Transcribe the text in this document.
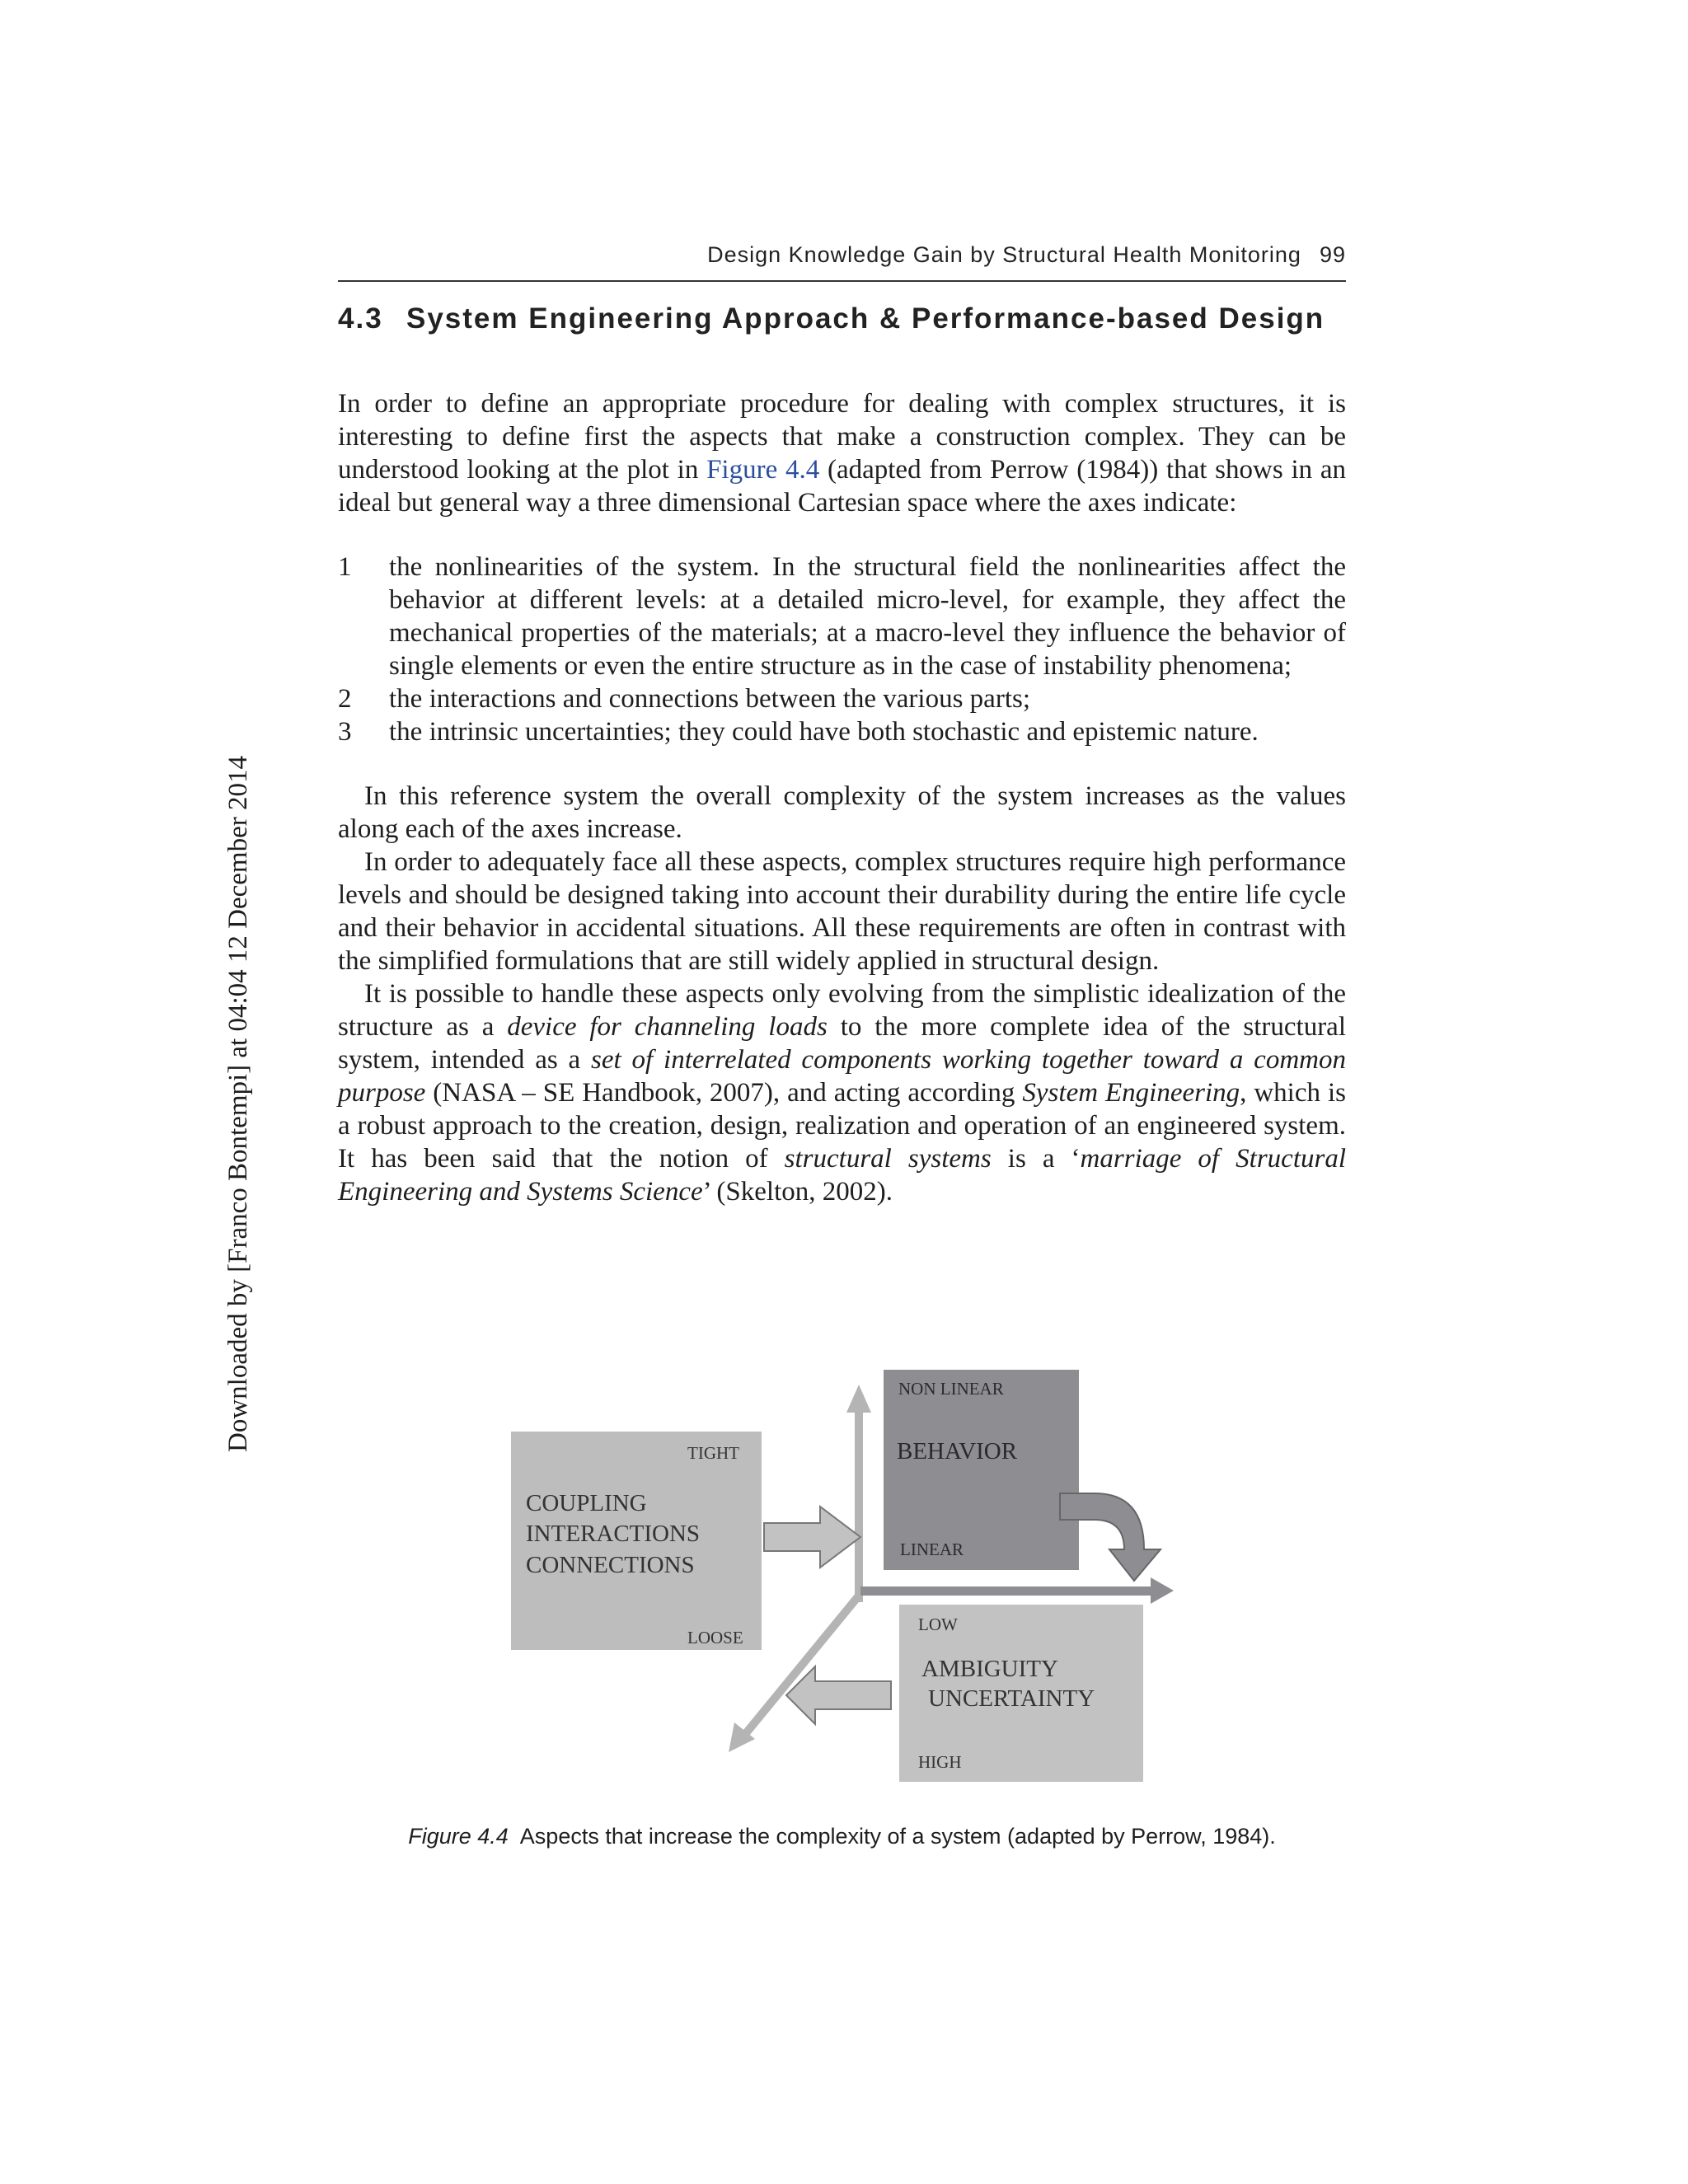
Downloaded by [Franco Bontempi] at 04:04 12 December 2014
Design Knowledge Gain by Structural Health Monitoring 99
4.3 System Engineering Approach & Performance-based Design

In order to define an appropriate procedure for dealing with complex structures, it is interesting to define first the aspects that make a construction complex. They can be understood looking at the plot in Figure 4.4 (adapted from Perrow (1984)) that shows in an ideal but general way a three dimensional Cartesian space where the axes indicate:

1 the nonlinearities of the system. In the structural field the nonlinearities affect the behavior at different levels: at a detailed micro-level, for example, they affect the mechanical properties of the materials; at a macro-level they influence the behavior of single elements or even the entire structure as in the case of instability phenomena;
2 the interactions and connections between the various parts;
3 the intrinsic uncertainties; they could have both stochastic and epistemic nature.

In this reference system the overall complexity of the system increases as the values along each of the axes increase.

In order to adequately face all these aspects, complex structures require high performance levels and should be designed taking into account their durability during the entire life cycle and their behavior in accidental situations. All these requirements are often in contrast with the simplified formulations that are still widely applied in structural design.

It is possible to handle these aspects only evolving from the simplistic idealization of the structure as a device for channeling loads to the more complete idea of the structural system, intended as a set of interrelated components working together toward a common purpose (NASA – SE Handbook, 2007), and acting according System Engineering, which is a robust approach to the creation, design, realization and operation of an engineered system. It has been said that the notion of structural systems is a ‘marriage of Structural Engineering and Systems Science’ (Skelton, 2002).

TIGHT
COUPLING
INTERACTIONS
CONNECTIONS
LOOSE
NON LINEAR
BEHAVIOR
LINEAR
LOW
AMBIGUITY
UNCERTAINTY
HIGH
Figure 4.4 Aspects that increase the complexity of a system (adapted by Perrow, 1984).
